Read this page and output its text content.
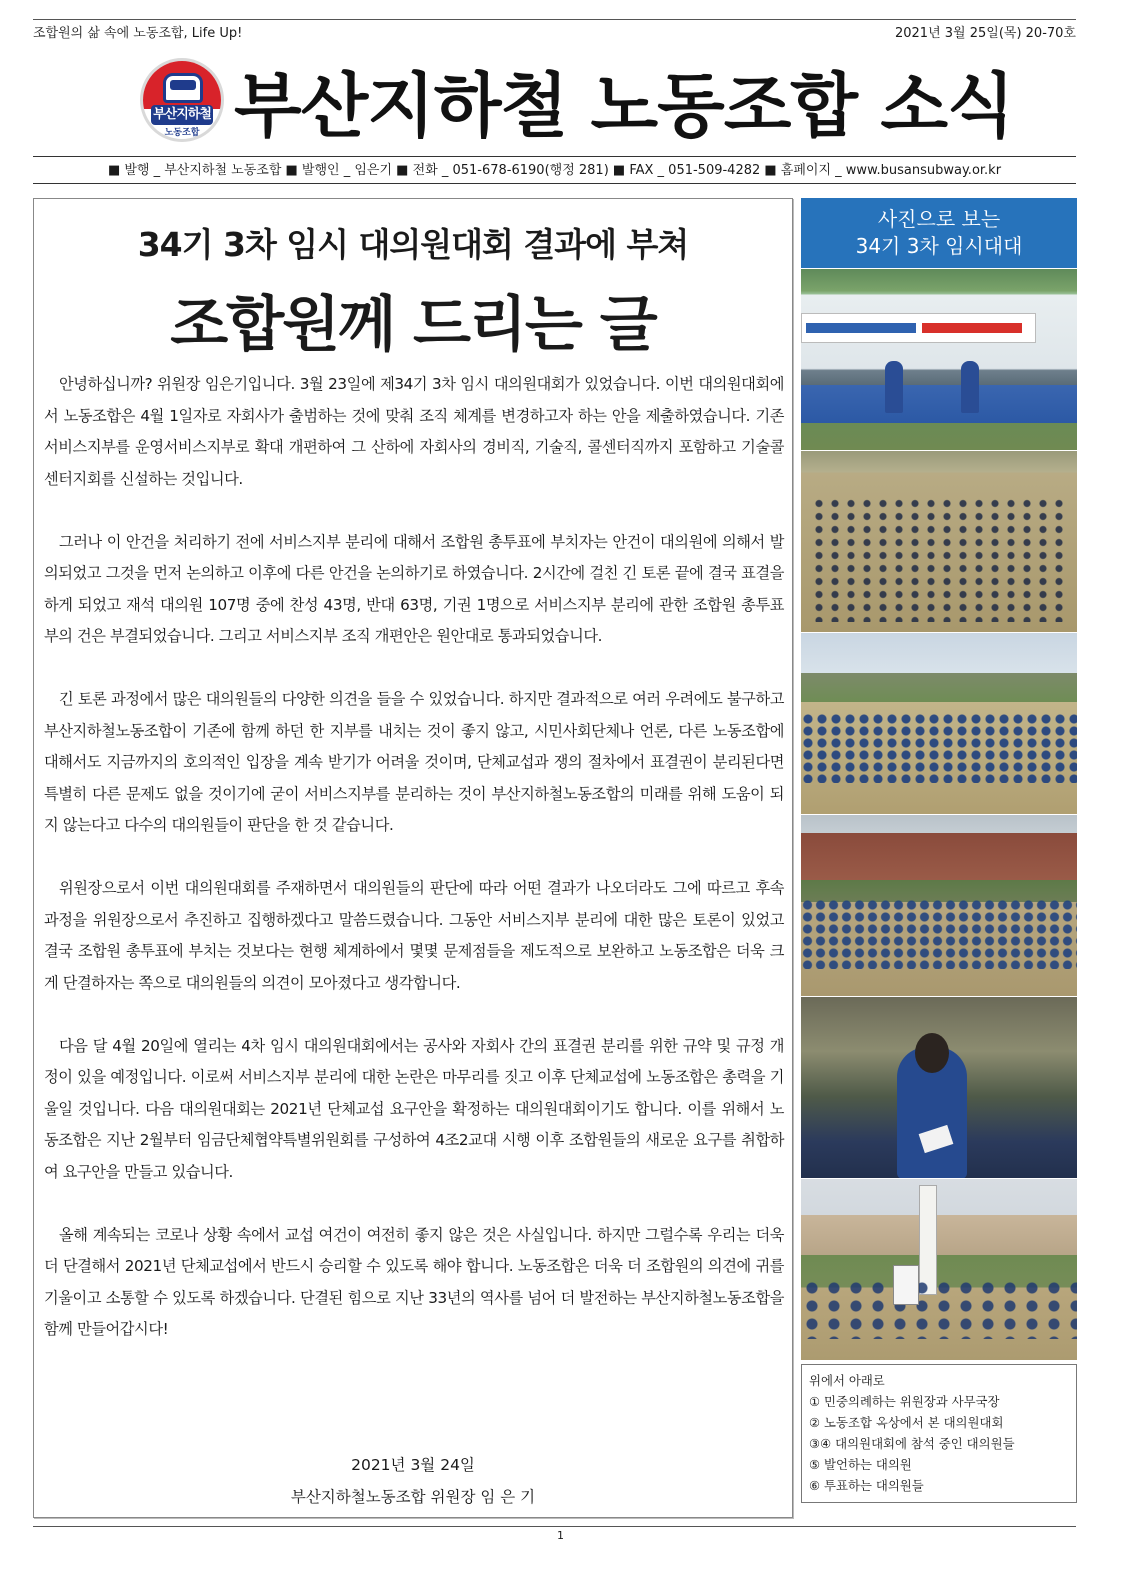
조합원의 삶 속에 노동조합, Life Up!	2021년 3월 25일(목) 20-70호
부산지하철
노동조합 부산지하철 노동조합 소식
■ 발행 _ 부산지하철 노동조합 ■ 발행인 _ 임은기 ■ 전화 _ 051-678-6190(행정 281) ■ FAX _ 051-509-4282 ■ 홈페이지 _ www.busansubway.or.kr
34기 3차 임시 대의원대회 결과에 부쳐
조합원께 드리는 글

안녕하십니까? 위원장 임은기입니다. 3월 23일에 제34기 3차 임시 대의원대회가 있었습니다. 이번 대의원대회에서 노동조합은 4월 1일자로 자회사가 출범하는 것에 맞춰 조직 체계를 변경하고자 하는 안을 제출하였습니다. 기존 서비스지부를 운영서비스지부로 확대 개편하여 그 산하에 자회사의 경비직, 기술직, 콜센터직까지 포함하고 기술콜센터지회를 신설하는 것입니다.

그러나 이 안건을 처리하기 전에 서비스지부 분리에 대해서 조합원 총투표에 부치자는 안건이 대의원에 의해서 발의되었고 그것을 먼저 논의하고 이후에 다른 안건을 논의하기로 하였습니다. 2시간에 걸친 긴 토론 끝에 결국 표결을 하게 되었고 재석 대의원 107명 중에 찬성 43명, 반대 63명, 기권 1명으로 서비스지부 분리에 관한 조합원 총투표 부의 건은 부결되었습니다. 그리고 서비스지부 조직 개편안은 원안대로 통과되었습니다.

긴 토론 과정에서 많은 대의원들의 다양한 의견을 들을 수 있었습니다. 하지만 결과적으로 여러 우려에도 불구하고 부산지하철노동조합이 기존에 함께 하던 한 지부를 내치는 것이 좋지 않고, 시민사회단체나 언론, 다른 노동조합에 대해서도 지금까지의 호의적인 입장을 계속 받기가 어려울 것이며, 단체교섭과 쟁의 절차에서 표결권이 분리된다면 특별히 다른 문제도 없을 것이기에 굳이 서비스지부를 분리하는 것이 부산지하철노동조합의 미래를 위해 도움이 되지 않는다고 다수의 대의원들이 판단을 한 것 같습니다.

위원장으로서 이번 대의원대회를 주재하면서 대의원들의 판단에 따라 어떤 결과가 나오더라도 그에 따르고 후속 과정을 위원장으로서 추진하고 집행하겠다고 말씀드렸습니다. 그동안 서비스지부 분리에 대한 많은 토론이 있었고 결국 조합원 총투표에 부치는 것보다는 현행 체계하에서 몇몇 문제점들을 제도적으로 보완하고 노동조합은 더욱 크게 단결하자는 쪽으로 대의원들의 의견이 모아졌다고 생각합니다.

다음 달 4월 20일에 열리는 4차 임시 대의원대회에서는 공사와 자회사 간의 표결권 분리를 위한 규약 및 규정 개정이 있을 예정입니다. 이로써 서비스지부 분리에 대한 논란은 마무리를 짓고 이후 단체교섭에 노동조합은 총력을 기울일 것입니다. 다음 대의원대회는 2021년 단체교섭 요구안을 확정하는 대의원대회이기도 합니다. 이를 위해서 노동조합은 지난 2월부터 임금단체협약특별위원회를 구성하여 4조2교대 시행 이후 조합원들의 새로운 요구를 취합하여 요구안을 만들고 있습니다.

올해 계속되는 코로나 상황 속에서 교섭 여건이 여전히 좋지 않은 것은 사실입니다. 하지만 그럴수록 우리는 더욱더 단결해서 2021년 단체교섭에서 반드시 승리할 수 있도록 해야 합니다. 노동조합은 더욱 더 조합원의 의견에 귀를 기울이고 소통할 수 있도록 하겠습니다. 단결된 힘으로 지난 33년의 역사를 넘어 더 발전하는 부산지하철노동조합을 함께 만들어갑시다!

2021년 3월 24일
부산지하철노동조합 위원장 임 은 기
사진으로 보는
34기 3차 임시대대
위에서 아래로
① 민중의례하는 위원장과 사무국장
② 노동조합 옥상에서 본 대의원대회
③④ 대의원대회에 참석 중인 대의원들
⑤ 발언하는 대의원
⑥ 투표하는 대의원들
1
